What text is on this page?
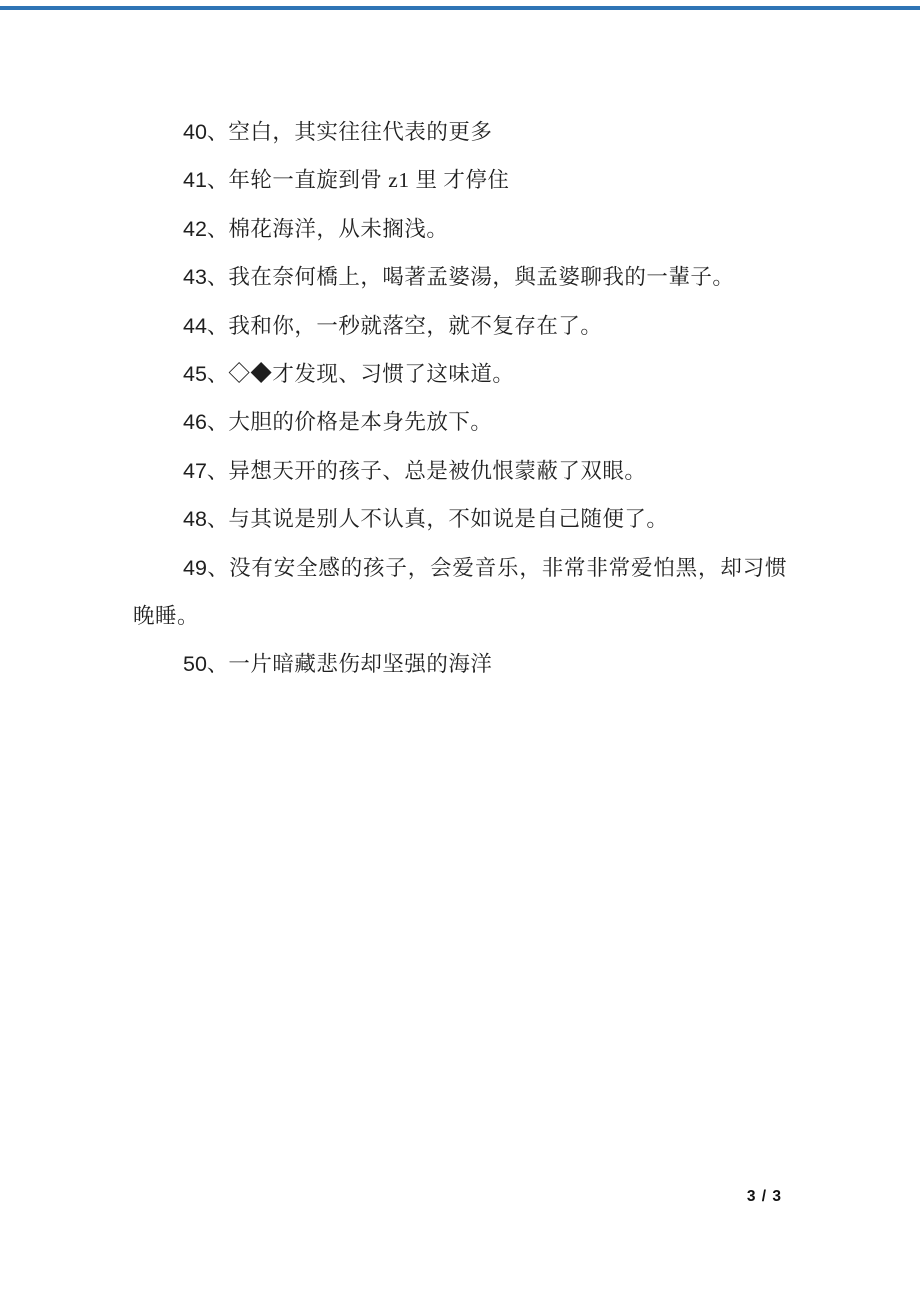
40、空白，其实往往代表的更多

41、年轮一直旋到骨 z1 里 才停住

42、棉花海洋，从未搁浅。

43、我在奈何橋上，喝著孟婆湯，與孟婆聊我的一輩子。

44、我和你，一秒就落空，就不复存在了。

45、◇◆才发现、习惯了这味道。

46、大胆的价格是本身先放下。

47、异想天开的孩子、总是被仇恨蒙蔽了双眼。

48、与其说是别人不认真，不如说是自己随便了。

49、没有安全感的孩子，会爱音乐，非常非常爱怕黑，却习惯晚睡。

50、一片暗藏悲伤却坚强的海洋

3 / 3
